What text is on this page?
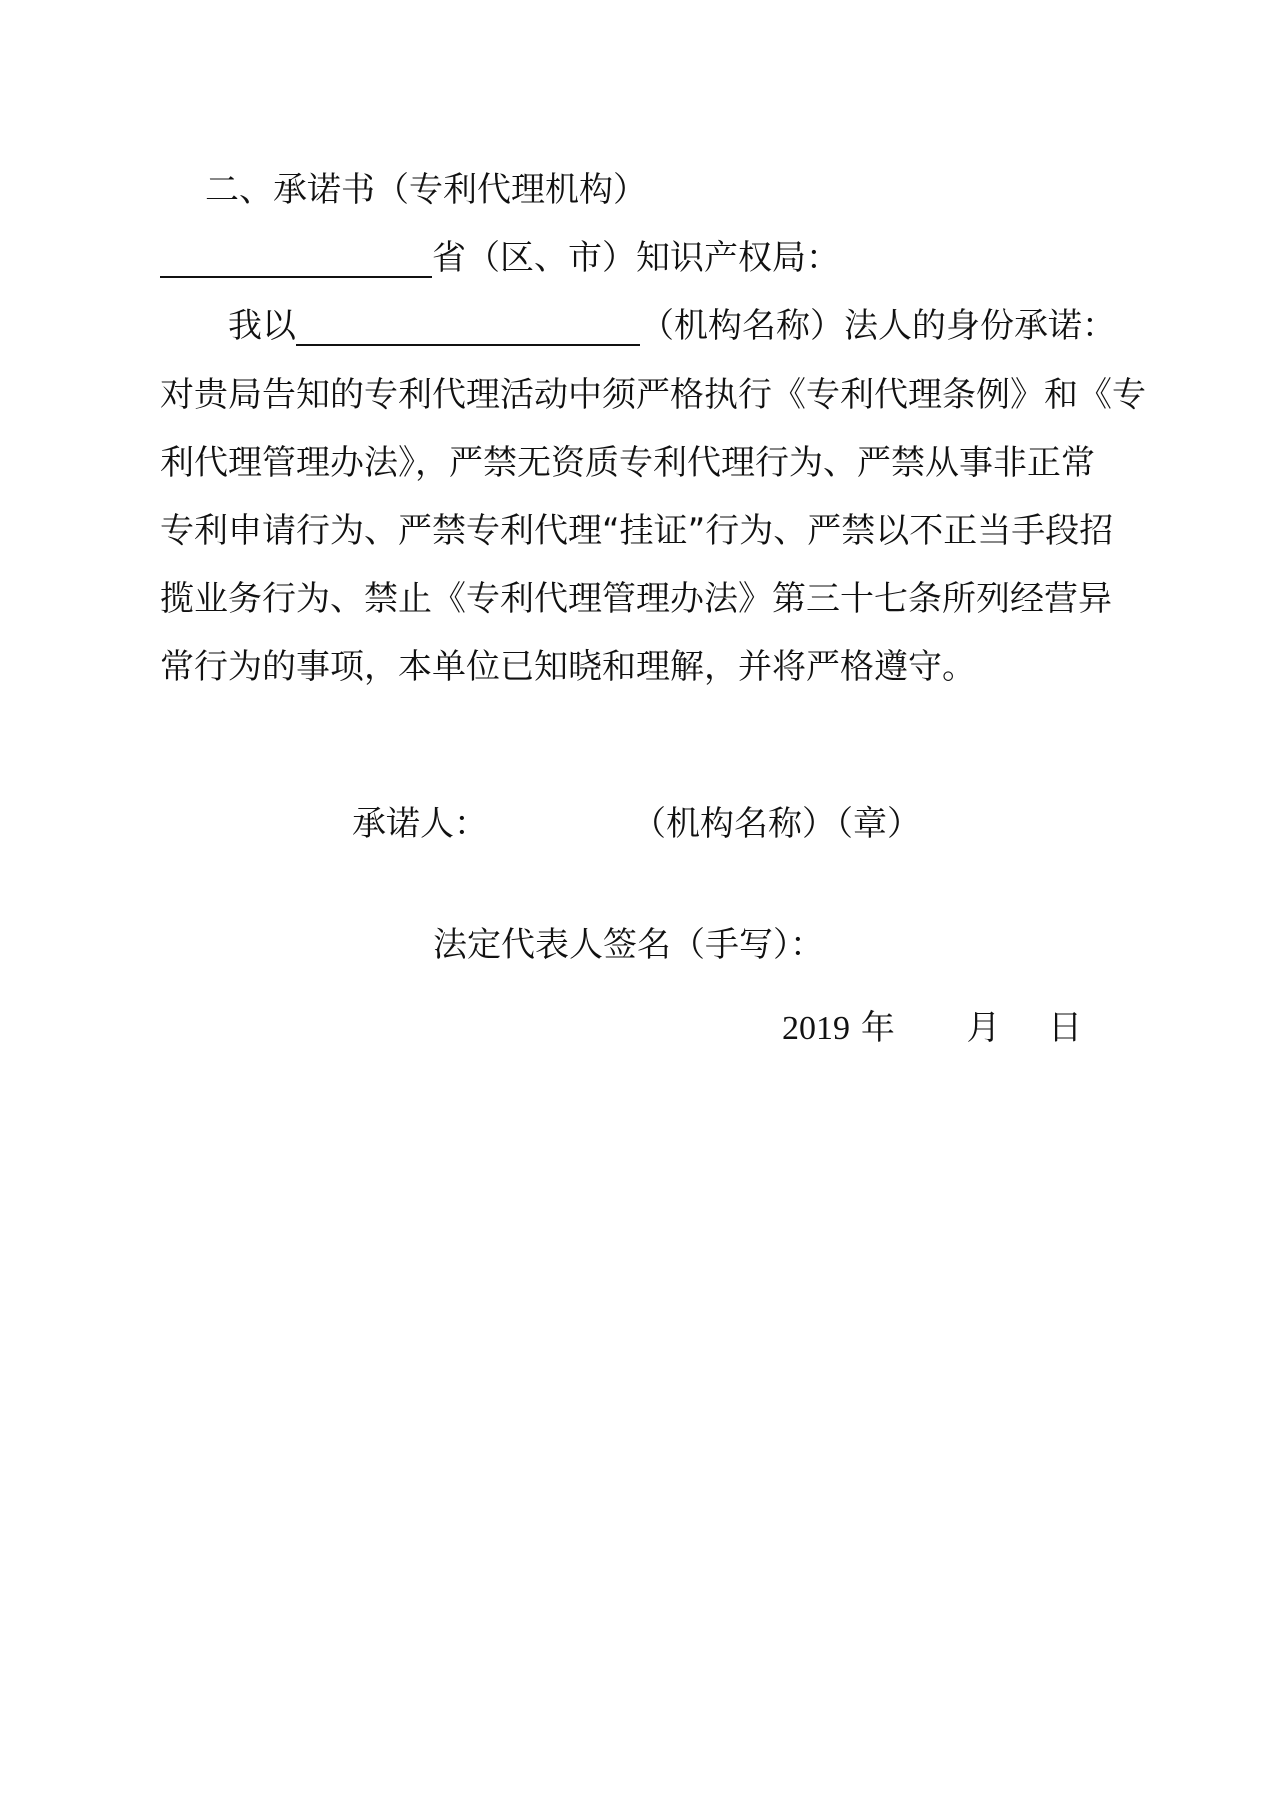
二、承诺书（专利代理机构）
省（区、市）知识产权局：
我以	（机构名称）法人的身份承诺：
对贵局告知的专利代理活动中须严格执行《专利代理条例》和《专
利代理管理办法》，严禁无资质专利代理行为、严禁从事非正常
专利申请行为、严禁专利代理“挂证”行为、严禁以不正当手段招
揽业务行为、禁止《专利代理管理办法》第三十七条所列经营异
常行为的事项，本单位已知晓和理解，并将严格遵守。
承诺人：	（机构名称）（章）
法定代表人签名（手写）：
2019 年 月 日
